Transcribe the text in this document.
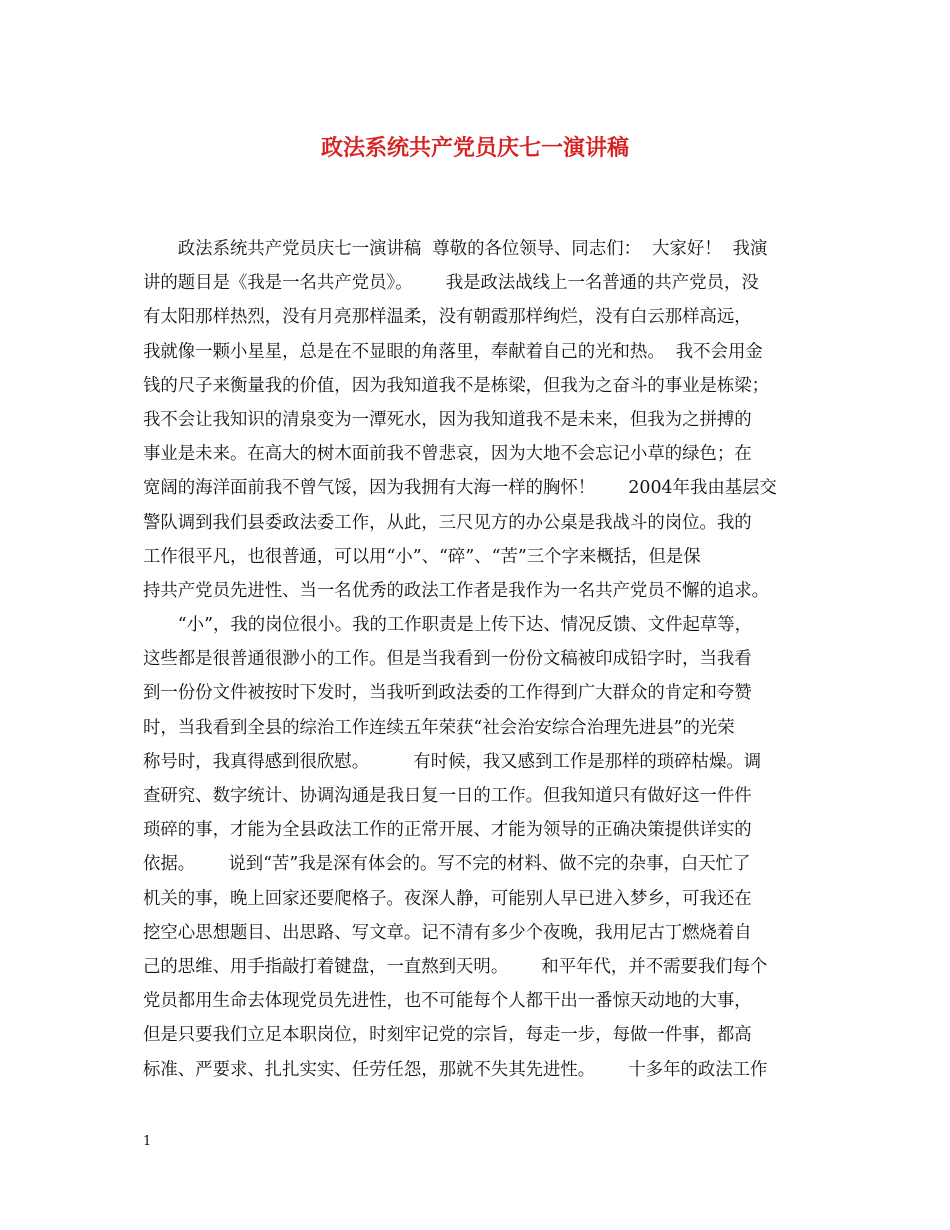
政法系统共产党员庆七一演讲稿
　　政法系统共产党员庆七一演讲稿  尊敬的各位领导、同志们：  大家好！  我演
讲的题目是《我是一名共产党员》。      我是政法战线上一名普通的共产党员，没
有太阳那样热烈，没有月亮那样温柔，没有朝霞那样绚烂，没有白云那样高远，
我就像一颗小星星，总是在不显眼的角落里，奉献着自己的光和热。  我不会用金
钱的尺子来衡量我的价值，因为我知道我不是栋梁，但我为之奋斗的事业是栋梁；
我不会让我知识的清泉变为一潭死水，因为我知道我不是未来，但我为之拼搏的
事业是未来。在高大的树木面前我不曾悲哀，因为大地不会忘记小草的绿色；在
宽阔的海洋面前我不曾气馁，因为我拥有大海一样的胸怀！      2004年我由基层交
警队调到我们县委政法委工作，从此，三尺见方的办公桌是我战斗的岗位。我的
工作很平凡，也很普通，可以用“小”、“碎”、“苦”三个字来概括，但是保
持共产党员先进性、当一名优秀的政法工作者是我作为一名共产党员不懈的追求。
　　“小”，我的岗位很小。我的工作职责是上传下达、情况反馈、文件起草等，
这些都是很普通很渺小的工作。但是当我看到一份份文稿被印成铅字时，当我看
到一份份文件被按时下发时，当我听到政法委的工作得到广大群众的肯定和夸赞
时，当我看到全县的综治工作连续五年荣获“社会治安综合治理先进县”的光荣
称号时，我真得感到很欣慰。        有时候，我又感到工作是那样的琐碎枯燥。调
查研究、数字统计、协调沟通是我日复一日的工作。但我知道只有做好这一件件
琐碎的事，才能为全县政法工作的正常开展、才能为领导的正确决策提供详实的
依据。      说到“苦”我是深有体会的。写不完的材料、做不完的杂事，白天忙了
机关的事，晚上回家还要爬格子。夜深人静，可能别人早已进入梦乡，可我还在
挖空心思想题目、出思路、写文章。记不清有多少个夜晚，我用尼古丁燃烧着自
己的思维、用手指敲打着键盘，一直熬到天明。      和平年代，并不需要我们每个
党员都用生命去体现党员先进性，也不可能每个人都干出一番惊天动地的大事，
但是只要我们立足本职岗位，时刻牢记党的宗旨，每走一步，每做一件事，都高
标准、严要求、扎扎实实、任劳任怨，那就不失其先进性。      十多年的政法工作
1
